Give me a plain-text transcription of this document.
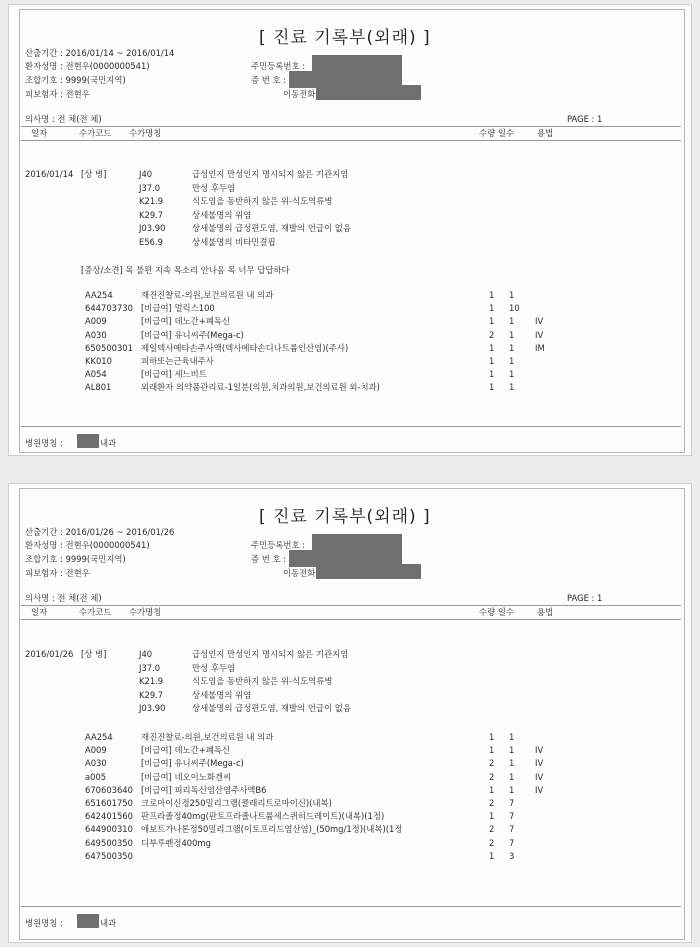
[ 진료 기록부(외래) ]
산출기간 : 2016/01/14 ~ 2016/01/14
환자성명 : 전현우(0000000541)
조합기호 : 9999(국민지역)
피보험자 : 전현우
주민등록번호 :
증 번 호 :
이동전화
의사명 : 전 체(전 체)	PAGE : 1
일자	수가코드 수가명칭	수량 일수	용법
2016/01/14 [상 병]	J40	급성인지 만성인지 명시되지 않은 기관지염
J37.0	만성 후두염
K21.9	식도염을 동반하지 않은 위-식도역류병
K29.7	상세불명의 위염
J03.90	상세불명의 급성편도염, 재발의 언급이 없음
E56.9	상세불명의 비타민결핍
[증상/소견] 목 불편 지속 목소리 안나옴 목 너무 답답하다
AA254	재진진찰료-의원,보건의료원 내 의과	1 1
644703730 [비급여] 멀릭스100	1 10
A009	[비급여] 데노간+폐독신	1 1 IV
A030	[비급여] 유니씨주(Mega-c)	2 1 IV
650500301 제일덱사메타손주사액(덱사메타손디나트륨인산염)(주사)	1 1 IM
KK010	피하또는근육내주사	1 1
A054	[비급여] 세느비트	1 1
AL801	외래환자 의약품관리료-1일분(의원,치과의원,보건의료원 외-치과)	1 1
병원명칭 :	내과
[ 진료 기록부(외래) ]
산출기간 : 2016/01/26 ~ 2016/01/26
환자성명 : 전현우(0000000541)
조합기호 : 9999(국민지역)
피보험자 : 전현우
주민등록번호 :
증 번 호 :
이동전화
의사명 : 전 체(전 체)	PAGE : 1
일자	수가코드 수가명칭	수량 일수	용법
2016/01/26 [상 병]	J40	급성인지 만성인지 명시되지 않은 기관지염
J37.0	만성 후두염
K21.9	식도염을 동반하지 않은 위-식도역류병
K29.7	상세불명의 위염
J03.90	상세불명의 급성편도염, 재발의 언급이 없음
AA254	재진진찰료-의원,보건의료원 내 의과	1 1
A009	[비급여] 데노간+폐독신	1 1 IV
A030	[비급여] 유니씨주(Mega-c)	2 1 IV
a005	[비급여] 네오이노화겐씨	2 1 IV
670603640 [비급여] 피리독신염산염주사액B6	1 1 IV
651601750 크로마이신정250밀리그램(클래리트로마이신)(내복)	2 7
642401560 판프라졸정40mg(판토프라졸나트륨세스퀴히드레이트)(내복)(1정)	1 7
644900310 애보트가나톤정50밀리그램(이토프리드염산염)_(50mg/1정)(내복)(1정	2 7
649500350 디부루펜정400mg	2 7
647500350	1 3
병원명칭 :	내과
